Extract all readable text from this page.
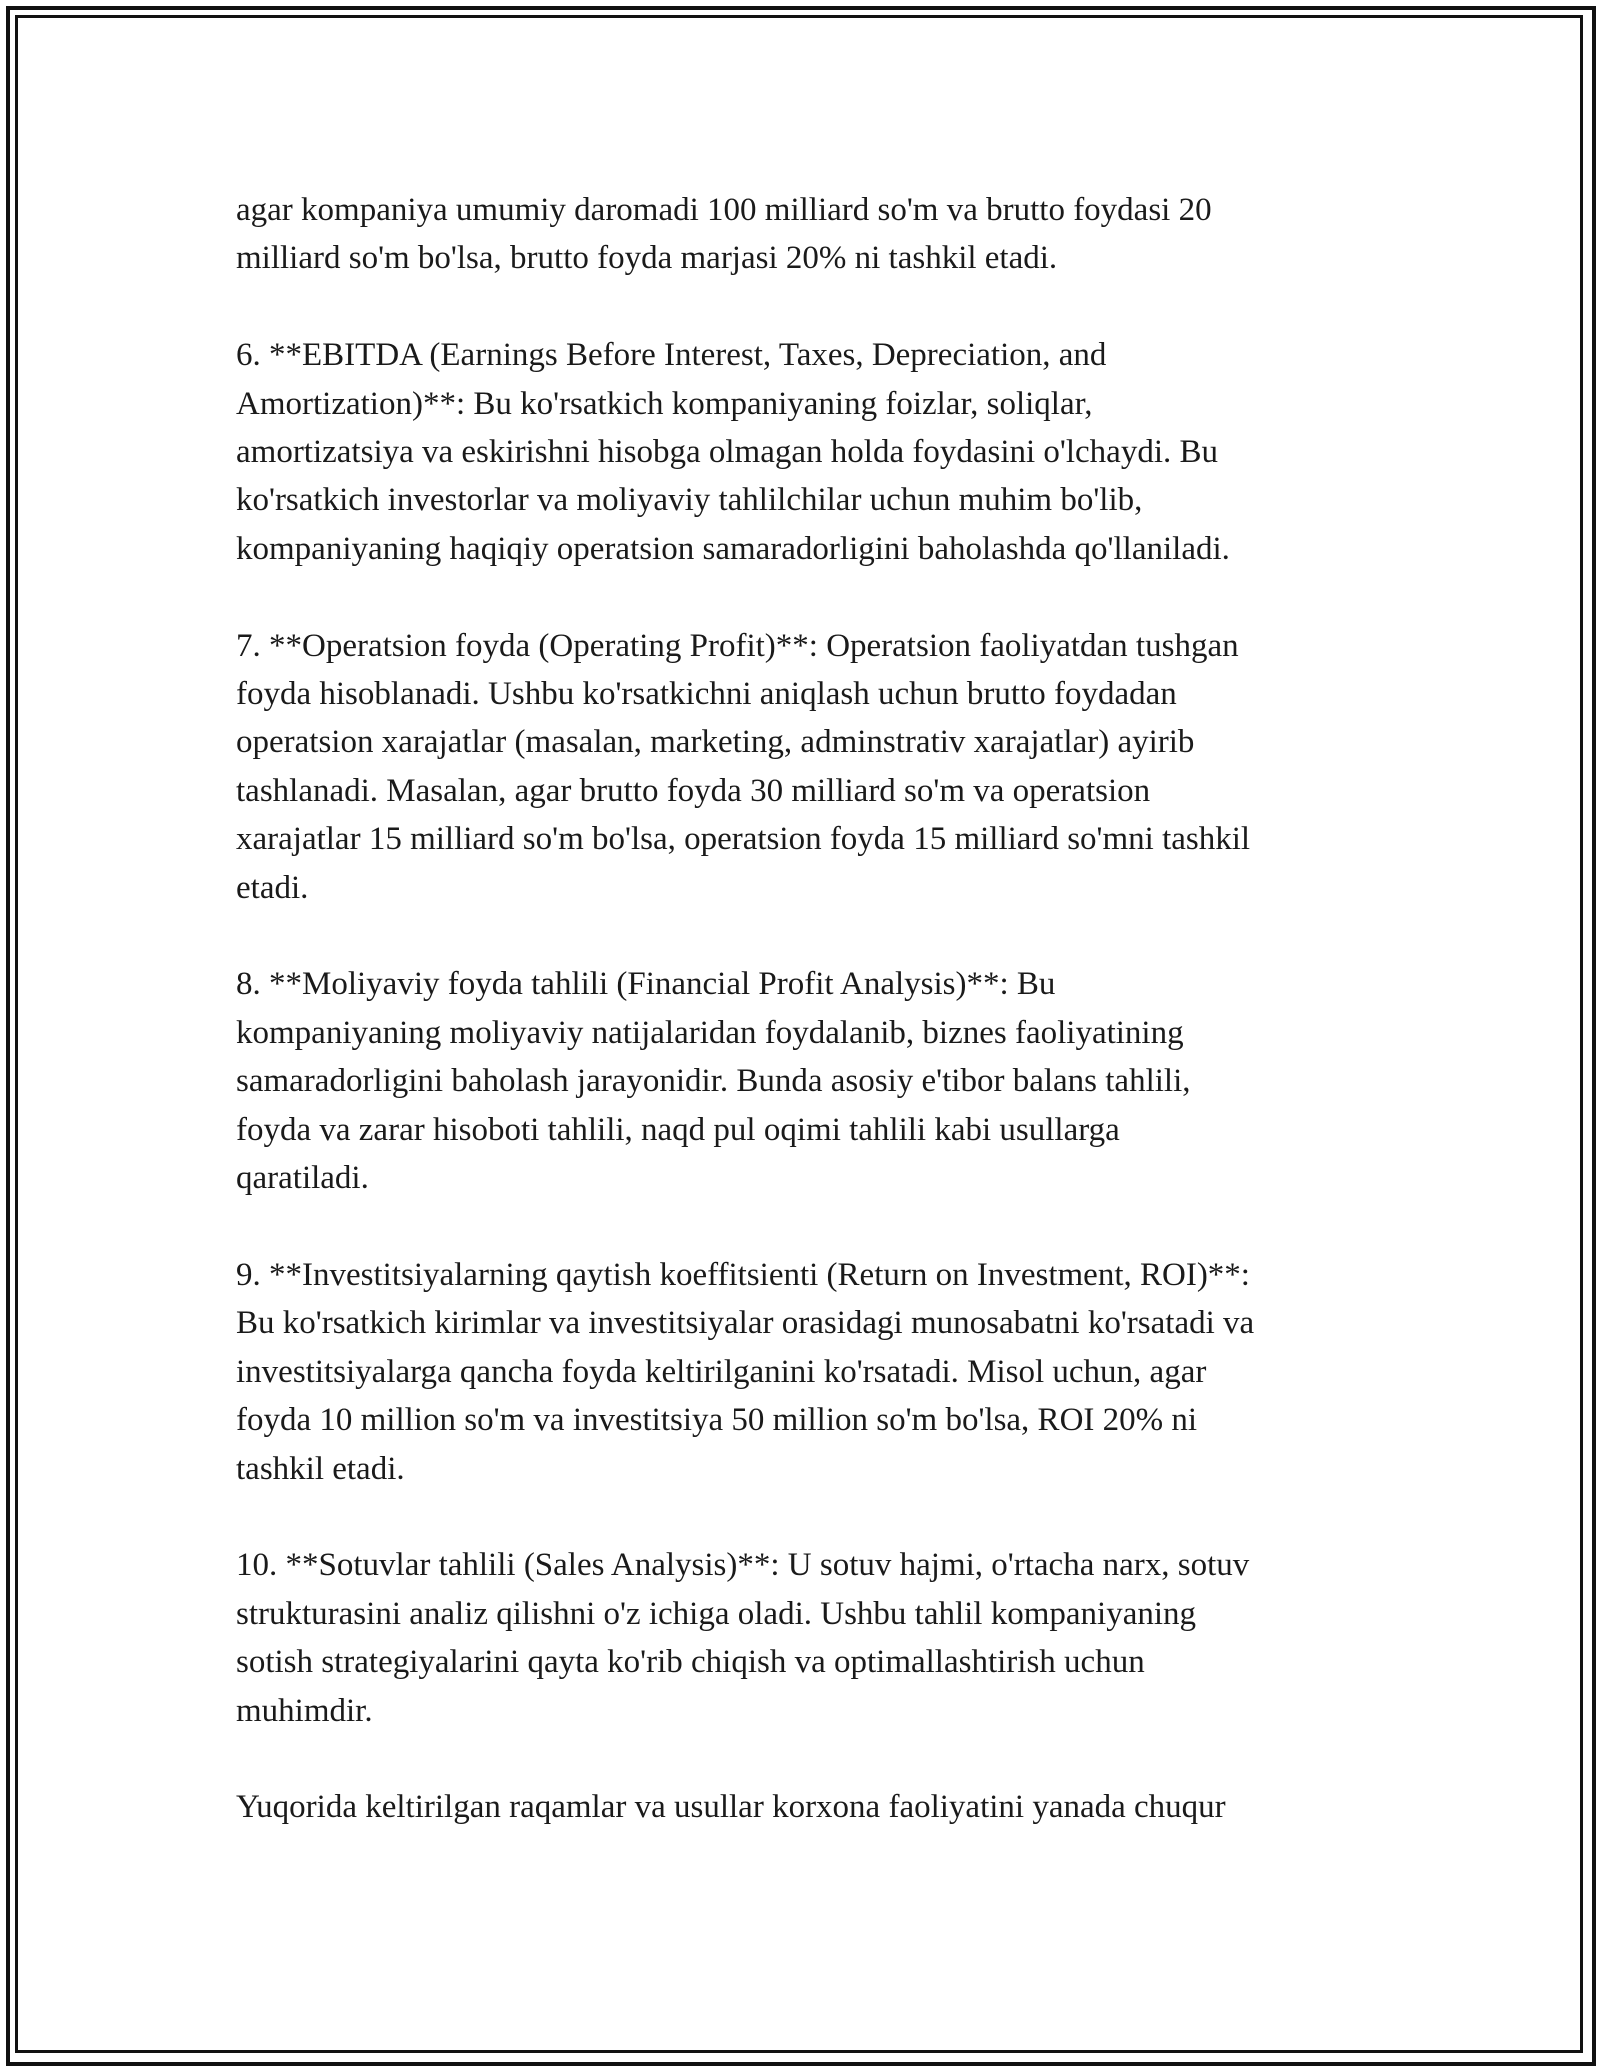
agar kompaniya umumiy daromadi 100 milliard so'm va brutto foydasi 20
milliard so'm bo'lsa, brutto foyda marjasi 20% ni tashkil etadi.

6. **EBITDA (Earnings Before Interest, Taxes, Depreciation, and
Amortization)**: Bu ko'rsatkich kompaniyaning foizlar, soliqlar,
amortizatsiya va eskirishni hisobga olmagan holda foydasini o'lchaydi. Bu
ko'rsatkich investorlar va moliyaviy tahlilchilar uchun muhim bo'lib,
kompaniyaning haqiqiy operatsion samaradorligini baholashda qo'llaniladi.

7. **Operatsion foyda (Operating Profit)**: Operatsion faoliyatdan tushgan
foyda hisoblanadi. Ushbu ko'rsatkichni aniqlash uchun brutto foydadan
operatsion xarajatlar (masalan, marketing, adminstrativ xarajatlar) ayirib
tashlanadi. Masalan, agar brutto foyda 30 milliard so'm va operatsion
xarajatlar 15 milliard so'm bo'lsa, operatsion foyda 15 milliard so'mni tashkil
etadi.

8. **Moliyaviy foyda tahlili (Financial Profit Analysis)**: Bu
kompaniyaning moliyaviy natijalaridan foydalanib, biznes faoliyatining
samaradorligini baholash jarayonidir. Bunda asosiy e'tibor balans tahlili,
foyda va zarar hisoboti tahlili, naqd pul oqimi tahlili kabi usullarga
qaratiladi.

9. **Investitsiyalarning qaytish koeffitsienti (Return on Investment, ROI)**:
Bu ko'rsatkich kirimlar va investitsiyalar orasidagi munosabatni ko'rsatadi va
investitsiyalarga qancha foyda keltirilganini ko'rsatadi. Misol uchun, agar
foyda 10 million so'm va investitsiya 50 million so'm bo'lsa, ROI 20% ni
tashkil etadi.

10. **Sotuvlar tahlili (Sales Analysis)**: U sotuv hajmi, o'rtacha narx, sotuv
strukturasini analiz qilishni o'z ichiga oladi. Ushbu tahlil kompaniyaning
sotish strategiyalarini qayta ko'rib chiqish va optimallashtirish uchun
muhimdir.

Yuqorida keltirilgan raqamlar va usullar korxona faoliyatini yanada chuqur
